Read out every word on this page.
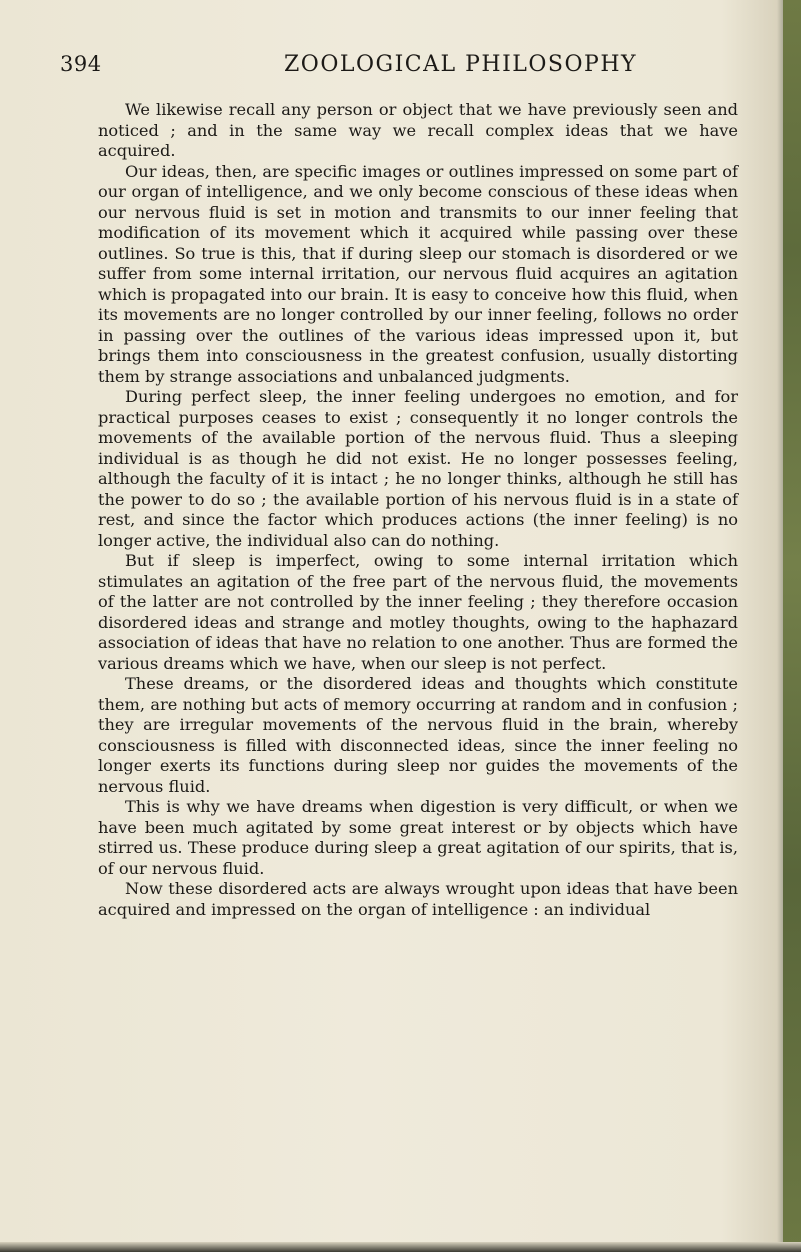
394	ZOOLOGICAL PHILOSOPHY

We likewise recall any person or object that we have previously seen and noticed ; and in the same way we recall complex ideas that we have acquired.

Our ideas, then, are specific images or outlines impressed on some part of our organ of intelligence, and we only become conscious of these ideas when our nervous fluid is set in motion and transmits to our inner feeling that modification of its movement which it acquired while passing over these outlines. So true is this, that if during sleep our stomach is disordered or we suffer from some internal irritation, our nervous fluid acquires an agitation which is propagated into our brain. It is easy to conceive how this fluid, when its movements are no longer controlled by our inner feeling, follows no order in passing over the outlines of the various ideas impressed upon it, but brings them into consciousness in the greatest confusion, usually distorting them by strange associations and unbalanced judgments.

During perfect sleep, the inner feeling undergoes no emotion, and for practical purposes ceases to exist ; consequently it no longer controls the movements of the available portion of the nervous fluid. Thus a sleeping individual is as though he did not exist. He no longer possesses feeling, although the faculty of it is intact ; he no longer thinks, although he still has the power to do so ; the available portion of his nervous fluid is in a state of rest, and since the factor which produces actions (the inner feeling) is no longer active, the individual also can do nothing.

But if sleep is imperfect, owing to some internal irritation which stimulates an agitation of the free part of the nervous fluid, the movements of the latter are not controlled by the inner feeling ; they therefore occasion disordered ideas and strange and motley thoughts, owing to the haphazard association of ideas that have no relation to one another. Thus are formed the various dreams which we have, when our sleep is not perfect.

These dreams, or the disordered ideas and thoughts which constitute them, are nothing but acts of memory occurring at random and in confusion ; they are irregular movements of the nervous fluid in the brain, whereby consciousness is filled with disconnected ideas, since the inner feeling no longer exerts its functions during sleep nor guides the movements of the nervous fluid.

This is why we have dreams when digestion is very difficult, or when we have been much agitated by some great interest or by objects which have stirred us. These produce during sleep a great agitation of our spirits, that is, of our nervous fluid.

Now these disordered acts are always wrought upon ideas that have been acquired and impressed on the organ of intelligence : an individual
